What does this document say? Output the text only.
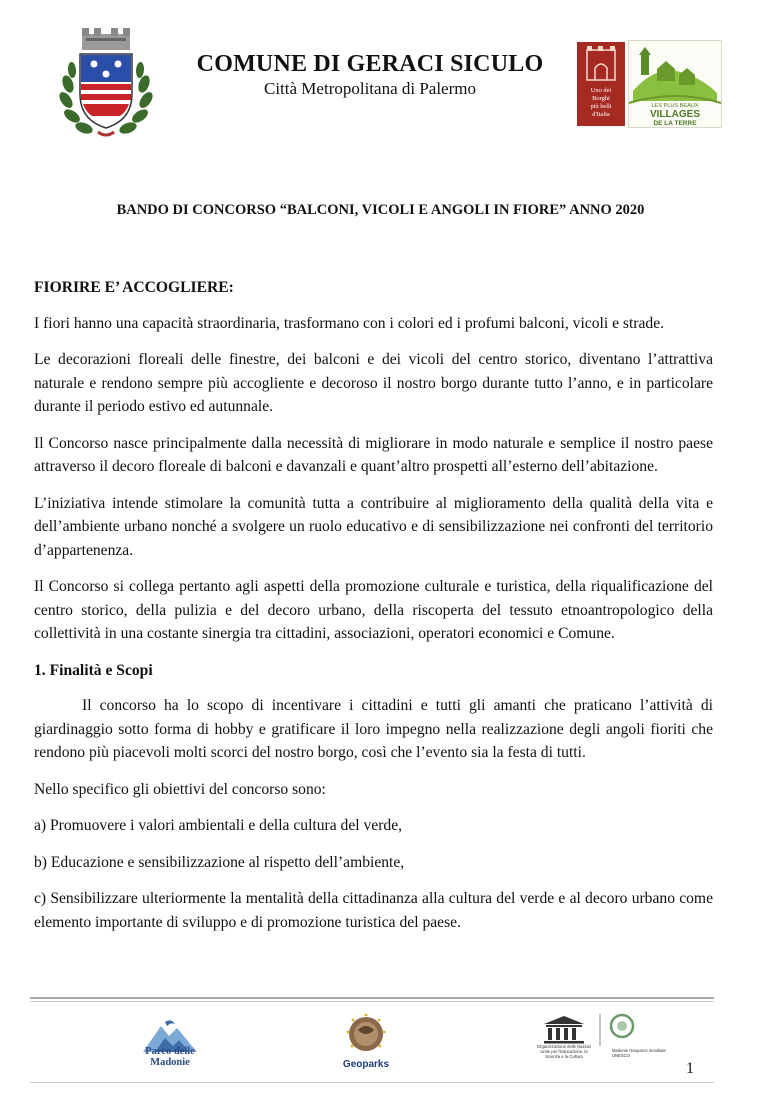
COMUNE DI GERACI SICULO
Città Metropolitana di Palermo	Uno dei
Borghi
più belli
d'Italia
LES PLUS BEAUX
VILLAGES
DE LA TERRE
BANDO DI CONCORSO “BALCONI, VICOLI E ANGOLI IN FIORE” ANNO 2020
FIORIRE E’ ACCOGLIERE:

I fiori hanno una capacità straordinaria, trasformano con i colori ed i profumi balconi, vicoli e strade.

Le decorazioni floreali delle finestre, dei balconi e dei vicoli del centro storico, diventano l’attrattiva naturale e rendono sempre più accogliente e decoroso il nostro borgo durante tutto l’anno, e in particolare durante il periodo estivo ed autunnale.

Il Concorso nasce principalmente dalla necessità di migliorare in modo naturale e semplice il nostro paese attraverso il decoro floreale di balconi e davanzali e quant’altro prospetti all’esterno dell’abitazione.

L’iniziativa intende stimolare la comunità tutta a contribuire al miglioramento della qualità della vita e dell’ambiente urbano nonché a svolgere un ruolo educativo e di sensibilizzazione nei confronti del territorio d’appartenenza.

Il Concorso si collega pertanto agli aspetti della promozione culturale e turistica, della riqualificazione del centro storico, della pulizia e del decoro urbano, della riscoperta del tessuto etnoantropologico della collettività in una costante sinergia tra cittadini, associazioni, operatori economici e Comune.

1. Finalità e Scopi

Il concorso ha lo scopo di incentivare i cittadini e tutti gli amanti che praticano l’attività di giardinaggio sotto forma di hobby e gratificare il loro impegno nella realizzazione degli angoli fioriti che rendono più piacevoli molti scorci del nostro borgo, così che l’evento sia la festa di tutti.

Nello specifico gli obiettivi del concorso sono:

a) Promuovere i valori ambientali e della cultura del verde,

b) Educazione e sensibilizzazione al rispetto dell’ambiente,

c) Sensibilizzare ulteriormente la mentalità della cittadinanza alla cultura del verde e al decoro urbano come elemento importante di sviluppo e di promozione turistica del paese.

Parco delle Madonie	Geoparks
Organizzazione delle Nazioni Unite per l'Educazione, la Scienza e la Cultura
Madonie Geoparco mondiale UNESCO
1
